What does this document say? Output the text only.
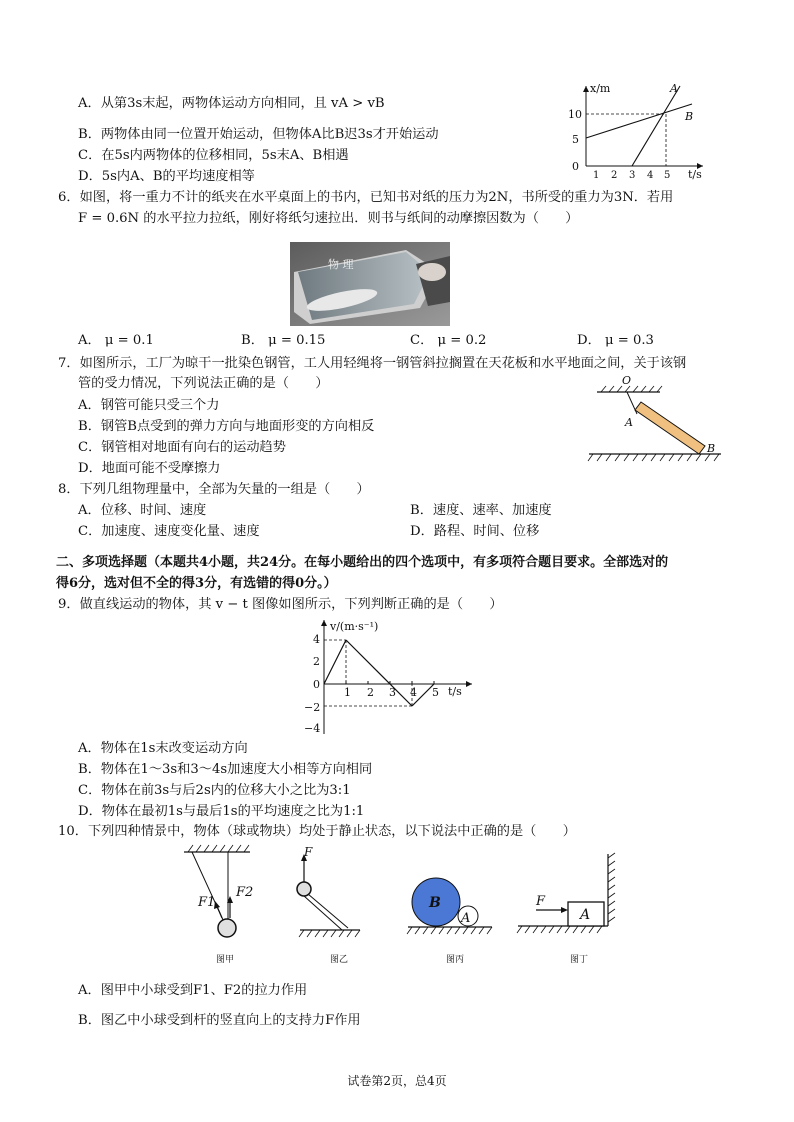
A．从第3s末起，两物体运动方向相同，且 vA > vB
B．两物体由同一位置开始运动，但物体A比B迟3s才开始运动
C．在5s内两物体的位移相同，5s末A、B相遇
D．5s内A、B的平均速度相等
x/m
t/s
10
5
0
1 2 3 4 5
A
B
6．如图，将一重力不计的纸夹在水平桌面上的书内，已知书对纸的压力为2N，书所受的重力为3N．若用
F = 0.6N 的水平拉力拉纸，刚好将纸匀速拉出．则书与纸间的动摩擦因数为（　　）
物 理
A． μ = 0.1	B． μ = 0.15	C． μ = 0.2	D． μ = 0.3
7．如图所示，工厂为晾干一批染色钢管，工人用轻绳将一钢管斜拉搁置在天花板和水平地面之间，关于该钢
管的受力情况，下列说法正确的是（　　）
A．钢管可能只受三个力
B．钢管B点受到的弹力方向与地面形变的方向相反
C．钢管相对地面有向右的运动趋势
D．地面可能不受摩擦力
O
A
B
8．下列几组物理量中，全部为矢量的一组是（　　）
A．位移、时间、速度	B．速度、速率、加速度
C．加速度、速度变化量、速度	D．路程、时间、位移
二、多项选择题（本题共4小题，共24分。在每小题给出的四个选项中，有多项符合题目要求。全部选对的
得6分，选对但不全的得3分，有选错的得0分。）
9．做直线运动的物体，其 v − t 图像如图所示，下列判断正确的是（　　）
v/(m·s⁻¹)
t/s
4
2
0
−2
−4
1 2 3 4 5
A．物体在1s末改变运动方向
B．物体在1～3s和3～4s加速度大小相等方向相同
C．物体在前3s与后2s内的位移大小之比为3:1
D．物体在最初1s与最后1s的平均速度之比为1:1
10．下列四种情景中，物体（球或物块）均处于静止状态，以下说法中正确的是（　　）
F1
F2
图甲
F
图乙
B
A
图丙
A
F
图丁
A．图甲中小球受到F1、F2的拉力作用
B．图乙中小球受到杆的竖直向上的支持力F作用
试卷第2页，总4页
